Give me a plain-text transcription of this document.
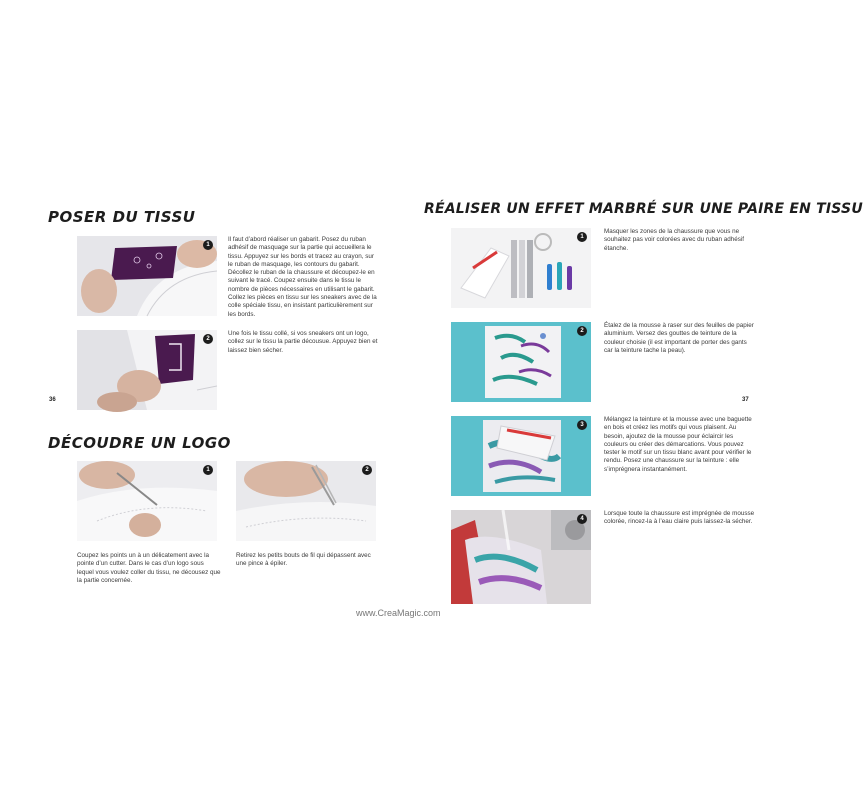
POSER DU TISSU
1
Il faut d’abord réaliser un gabarit. Posez du ruban adhésif de masquage sur la partie qui accueillera le tissu. Appuyez sur les bords et tracez au crayon, sur le ruban de masquage, les contours du gabarit. Décollez le ruban de la chaussure et découpez-le en suivant le tracé. Coupez ensuite dans le tissu le nombre de pièces nécessaires en utilisant le gabarit. Collez les pièces en tissu sur les sneakers avec de la colle spéciale tissu, en insistant particulièrement sur les bords.
2
Une fois le tissu collé, si vos sneakers ont un logo, collez sur le tissu la partie décousue. Appuyez bien et laissez bien sécher.
36
DÉCOUDRE UN LOGO
1
Coupez les points un à un délicatement avec la pointe d’un cutter. Dans le cas d’un logo sous lequel vous voulez coller du tissu, ne décousez que la partie concernée.
2
Retirez les petits bouts de fil qui dépassent avec une pince à épiler.
RÉALISER UN EFFET MARBRÉ SUR UNE PAIRE EN TISSU
1
Masquer les zones de la chaussure que vous ne souhaitez pas voir colorées avec du ruban adhésif étanche.
2
Étalez de la mousse à raser sur des feuilles de papier aluminium. Versez des gouttes de teinture de la couleur choisie (il est important de porter des gants car la teinture tache la peau).
3
Mélangez la teinture et la mousse avec une baguette en bois et créez les motifs qui vous plaisent. Au besoin, ajoutez de la mousse pour éclaircir les couleurs ou créer des démarcations. Vous pouvez tester le motif sur un tissu blanc avant pour vérifier le rendu. Posez une chaussure sur la teinture : elle s’imprégnera instantanément.
4
Lorsque toute la chaussure est imprégnée de mousse colorée, rincez-la à l’eau claire puis laissez-la sécher.
37
www.CreaMagic.com
